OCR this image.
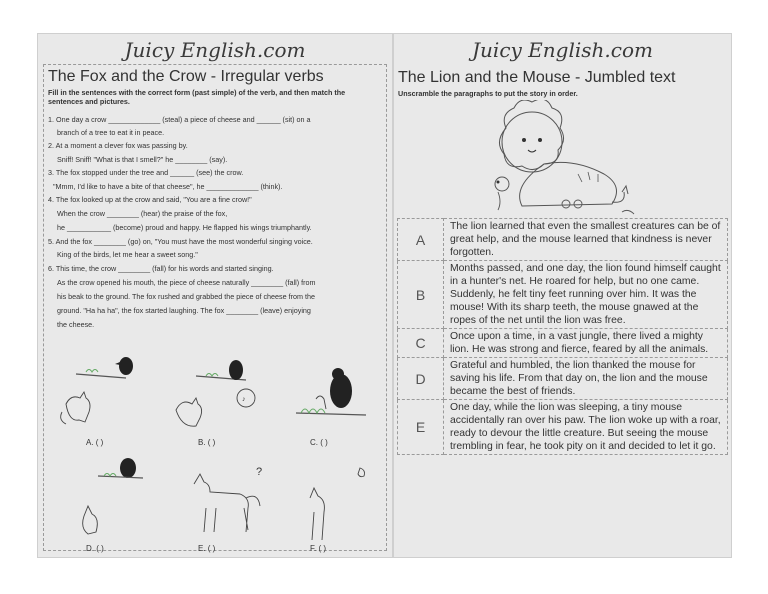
Juicy English.com
The Fox and the Crow - Irregular verbs
Fill in the sentences with the correct form (past simple) of the verb, and then match the sentences and pictures.
1. One day a crow _____________ (steal) a piece of cheese and ______ (sit) on a
branch of a tree to eat it in peace.
2. At a moment a clever fox was passing by.
Sniff! Sniff! "What is that I smell?" he ________ (say).
3. The fox stopped under the tree and ______ (see) the crow.
"Mmm, I'd like to have a bite of that cheese", he _____________ (think).
4. The fox looked up at the crow and said, "You are a fine crow!"
When the crow ________ (hear) the praise of the fox,
he ___________ (become) proud and happy. He flapped his wings triumphantly.
5. And the fox ________ (go) on, "You must have the most wonderful singing voice.
King of the birds, let me hear a sweet song."
6. This time, the crow ________ (fall) for his words and started singing.
As the crow opened his mouth, the piece of cheese naturally ________ (fall) from
his beak to the ground. The fox rushed and grabbed the piece of cheese from the
ground. "Ha ha ha", the fox started laughing. The fox ________ (leave) enjoying
the cheese.
A. ( )
♪
B. ( )	C. ( )
D. ( )
?
E. ( )	F. ( )
Juicy English.com
The Lion and the Mouse - Jumbled text
Unscramble the paragraphs to put the story in order.
A	The lion learned that even the smallest creatures can be of great help, and the mouse learned that kindness is never forgotten.
B	Months passed, and one day, the lion found himself caught in a hunter's net. He roared for help, but no one came. Suddenly, he felt tiny feet running over him. It was the mouse! With its sharp teeth, the mouse gnawed at the ropes of the net until the lion was free.
C	Once upon a time, in a vast jungle, there lived a mighty lion. He was strong and fierce, feared by all the animals.
D	Grateful and humbled, the lion thanked the mouse for saving his life. From that day on, the lion and the mouse became the best of friends.
E	One day, while the lion was sleeping, a tiny mouse accidentally ran over his paw. The lion woke up with a roar, ready to devour the little creature. But seeing the mouse trembling in fear, he took pity on it and decided to let it go.
